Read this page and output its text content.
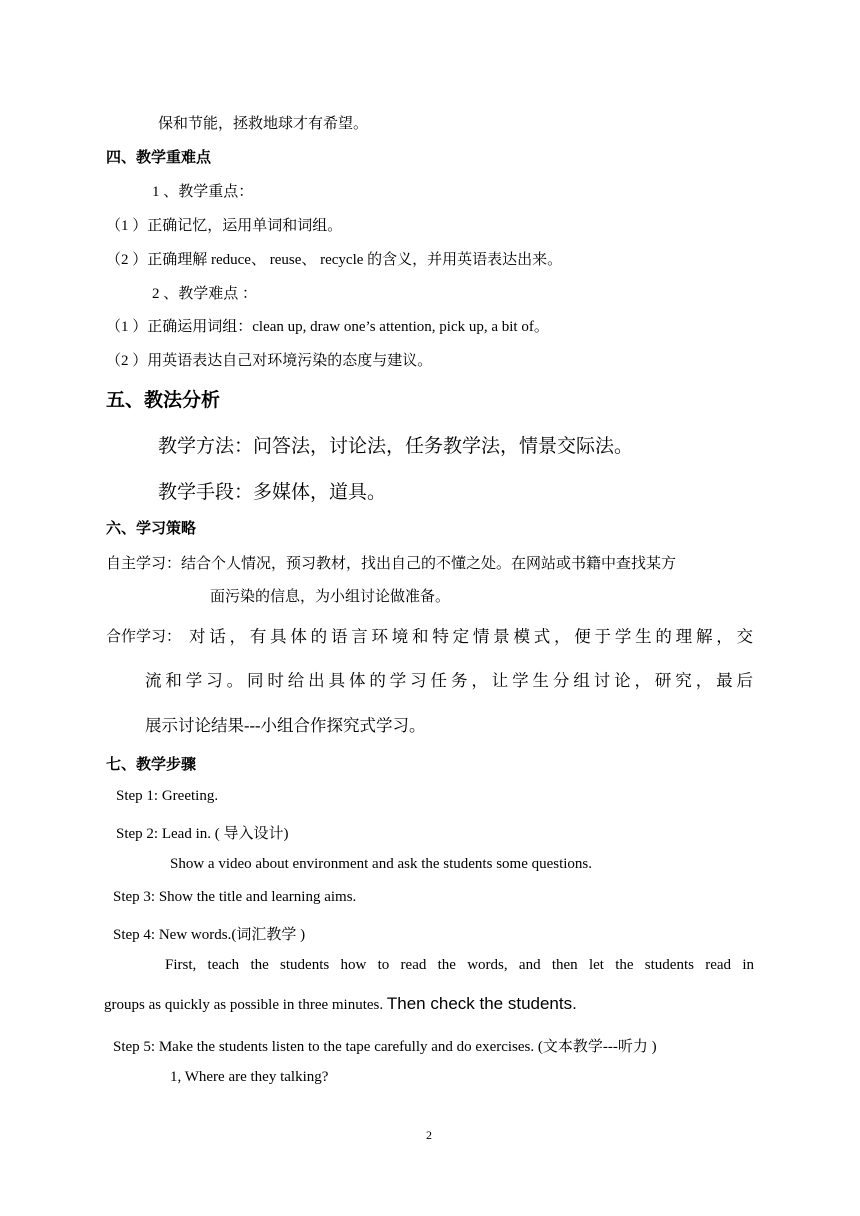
保和节能，拯救地球才有希望。

四、教学重难点

1 、教学重点：

（1 ）正确记忆，运用单词和词组。

（2 ）正确理解 reduce、 reuse、 recycle 的含义，并用英语表达出来。

2 、教学难点 ：

（1 ）正确运用词组：clean up, draw one’s attention, pick up, a bit of。

（2 ）用英语表达自己对环境污染的态度与建议。

五、教法分析

教学方法：问答法，讨论法，任务教学法，情景交际法。

教学手段：多媒体，道具。

六、学习策略

自主学习：结合个人情况，预习教材，找出自己的不懂之处。在网站或书籍中查找某方

面污染的信息，为小组讨论做准备。

合作学习： 对话，有具体的语言环境和特定情景模式，便于学生的理解，交

流和学习。同时给出具体的学习任务，让学生分组讨论，研究，最后

展示讨论结果---小组合作探究式学习。

七、教学步骤

Step 1: Greeting.

Step 2: Lead in. ( 导入设计)

Show a video about environment and ask the students some questions.

Step 3: Show the title and learning aims.

Step 4: New words.(词汇教学 )

First, teach the students how to read the words, and then let the students read in

groups as quickly as possible in three minutes. Then check the students.

Step 5: Make the students listen to the tape carefully and do exercises. (文本教学---听力 )

1, Where are they talking?

2
